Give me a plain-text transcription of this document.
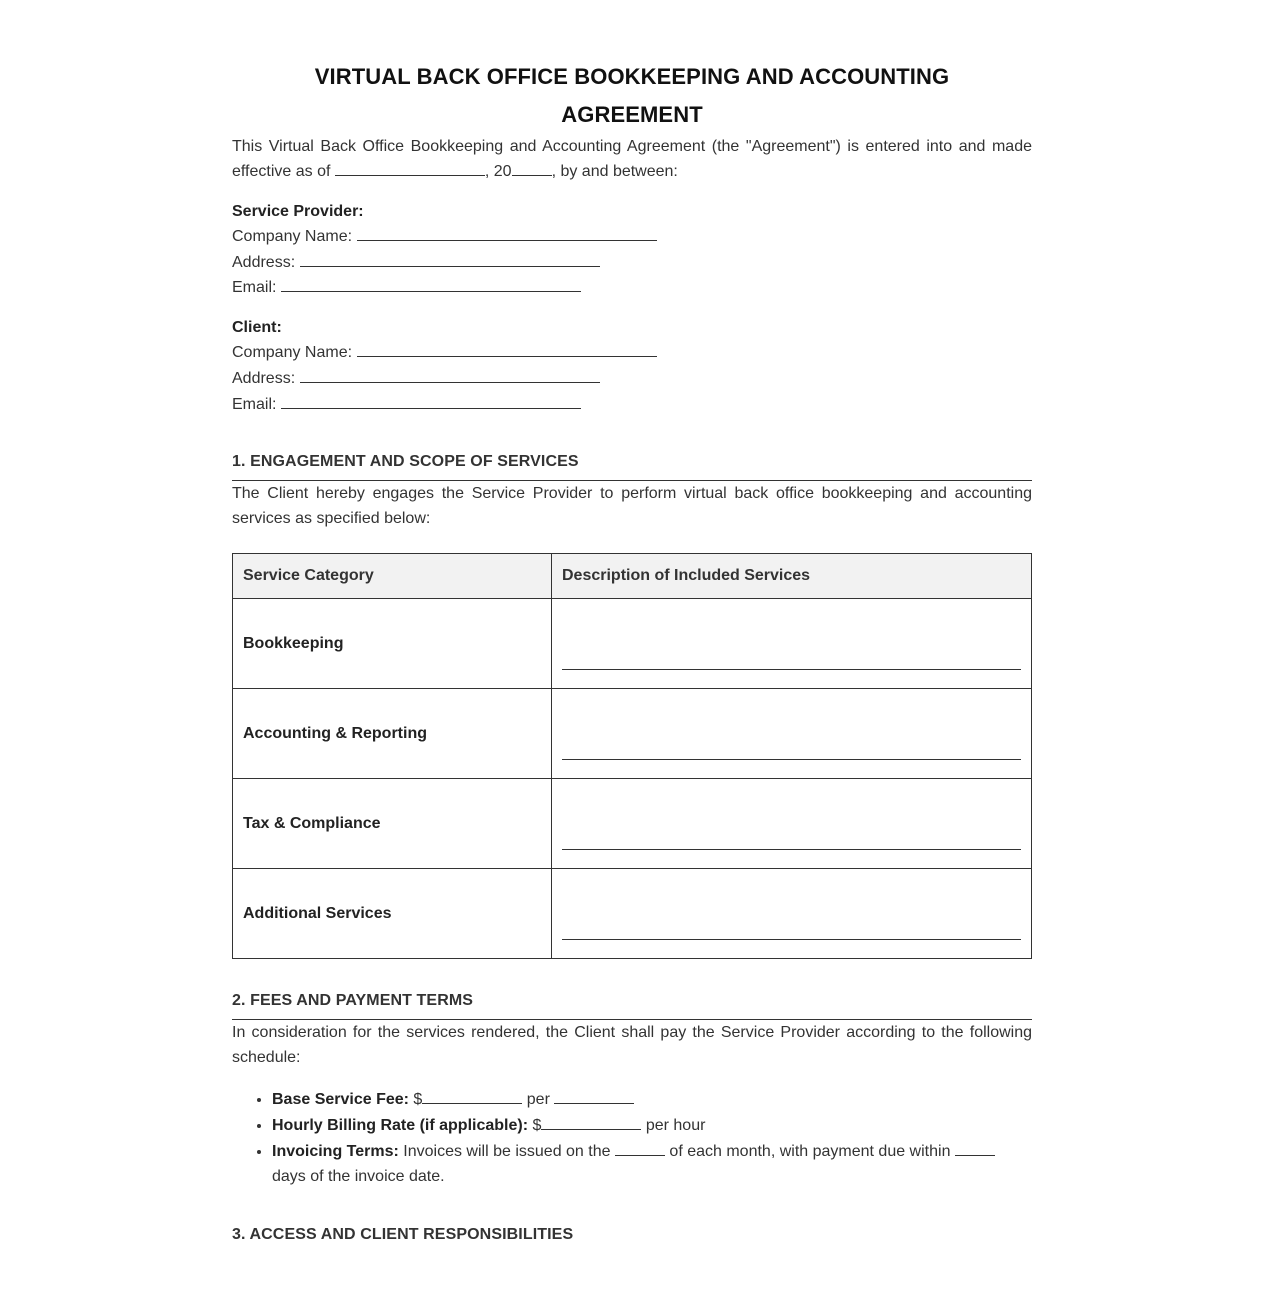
VIRTUAL BACK OFFICE BOOKKEEPING AND ACCOUNTING
AGREEMENT

This Virtual Back Office Bookkeeping and Accounting Agreement (the "Agreement") is entered into and made effective as of	, 20	, by and between:

Service Provider:
Company Name:
Address:
Email:
Client:
Company Name:
Address:
Email:
1. ENGAGEMENT AND SCOPE OF SERVICES

The Client hereby engages the Service Provider to perform virtual back office bookkeeping and accounting services as specified below:

Service Category	Description of Included Services
Bookkeeping	

Accounting & Reporting	

Tax & Compliance	

Additional Services	
2. FEES AND PAYMENT TERMS

In consideration for the services rendered, the Client shall pay the Service Provider according to the following schedule:

• Base Service Fee: $	per
• Hourly Billing Rate (if applicable): $	per hour
• Invoicing Terms: Invoices will be issued on the	of each month, with payment due within  days of the invoice date.
3. ACCESS AND CLIENT RESPONSIBILITIES
